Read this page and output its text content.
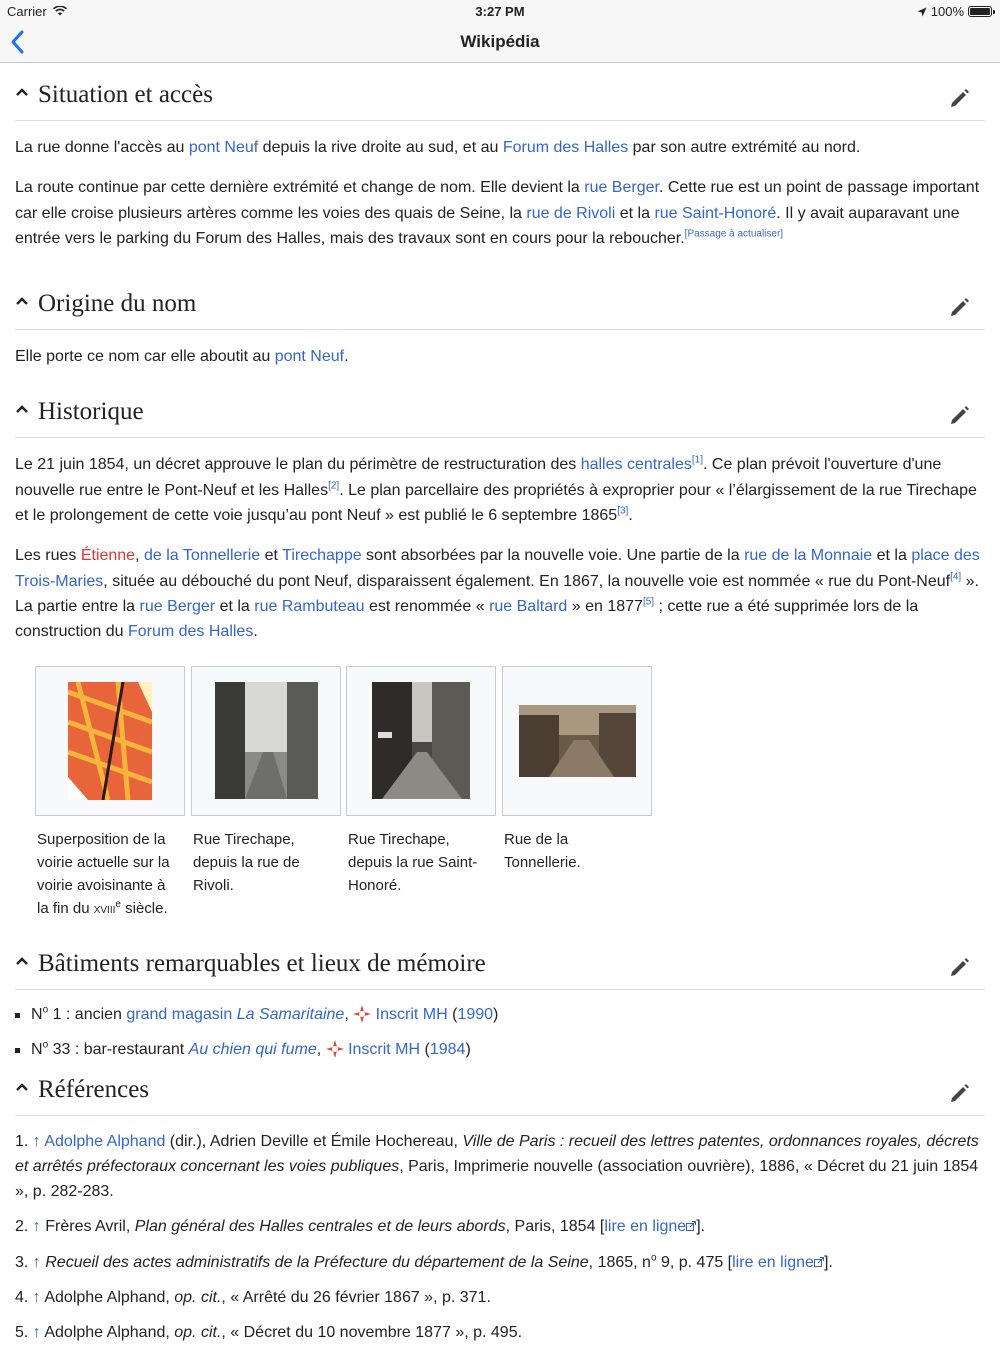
Carrier	3:27 PM	100%
Wikipédia
Situation et accès

La rue donne l'accès au pont Neuf depuis la rive droite au sud, et au Forum des Halles par son autre extrémité au nord.

La route continue par cette dernière extrémité et change de nom. Elle devient la rue Berger. Cette rue est un point de passage important car elle croise plusieurs artères comme les voies des quais de Seine, la rue de Rivoli et la rue Saint-Honoré. Il y avait auparavant une entrée vers le parking du Forum des Halles, mais des travaux sont en cours pour la reboucher.[Passage à actualiser]

Origine du nom

Elle porte ce nom car elle aboutit au pont Neuf.

Historique

Le 21 juin 1854, un décret approuve le plan du périmètre de restructuration des halles centrales[1]. Ce plan prévoit l'ouverture d'une nouvelle rue entre le Pont-Neuf et les Halles[2]. Le plan parcellaire des propriétés à exproprier pour « l’élargissement de la rue Tirechape et le prolongement de cette voie jusqu’au pont Neuf » est publié le 6 septembre 1865[3].

Les rues Étienne, de la Tonnellerie et Tirechappe sont absorbées par la nouvelle voie. Une partie de la rue de la Monnaie et la place des Trois-Maries, située au débouché du pont Neuf, disparaissent également. En 1867, la nouvelle voie est nommée « rue du Pont-Neuf[4] ». La partie entre la rue Berger et la rue Rambuteau est renommée « rue Baltard » en 1877[5] ; cette rue a été supprimée lors de la construction du Forum des Halles.

Superposition de la voirie actuelle sur la voirie avoisinante à la fin du XVIIIe siècle.
Rue Tirechape, depuis la rue de Rivoli.
Rue Tirechape, depuis la rue Saint-Honoré.
Rue de la Tonnellerie.
Bâtiments remarquables et lieux de mémoire
$N^o$ 1 : ancien grand magasin La Samaritaine,  Inscrit MH (1990)
$N^o$ 33 : bar-restaurant Au chien qui fume,  Inscrit MH (1984)
Références
1. ↑ Adolphe Alphand (dir.), Adrien Deville et Émile Hochereau, Ville de Paris : recueil des lettres patentes, ordonnances royales, décrets et arrêtés préfectoraux concernant les voies publiques, Paris, Imprimerie nouvelle (association ouvrière), 1886, « Décret du 21 juin 1854 », p. 282-283.
2. ↑ Frères Avril, Plan général des Halles centrales et de leurs abords, Paris, 1854 [lire en ligne ].
3. ↑ Recueil des actes administratifs de la Préfecture du département de la Seine, 1865, $n^o$ 9, p. 475 [lire en ligne ].
4. ↑ Adolphe Alphand, op. cit., « Arrêté du 26 février 1867 », p. 371.
5. ↑ Adolphe Alphand, op. cit., « Décret du 10 novembre 1877 », p. 495.
